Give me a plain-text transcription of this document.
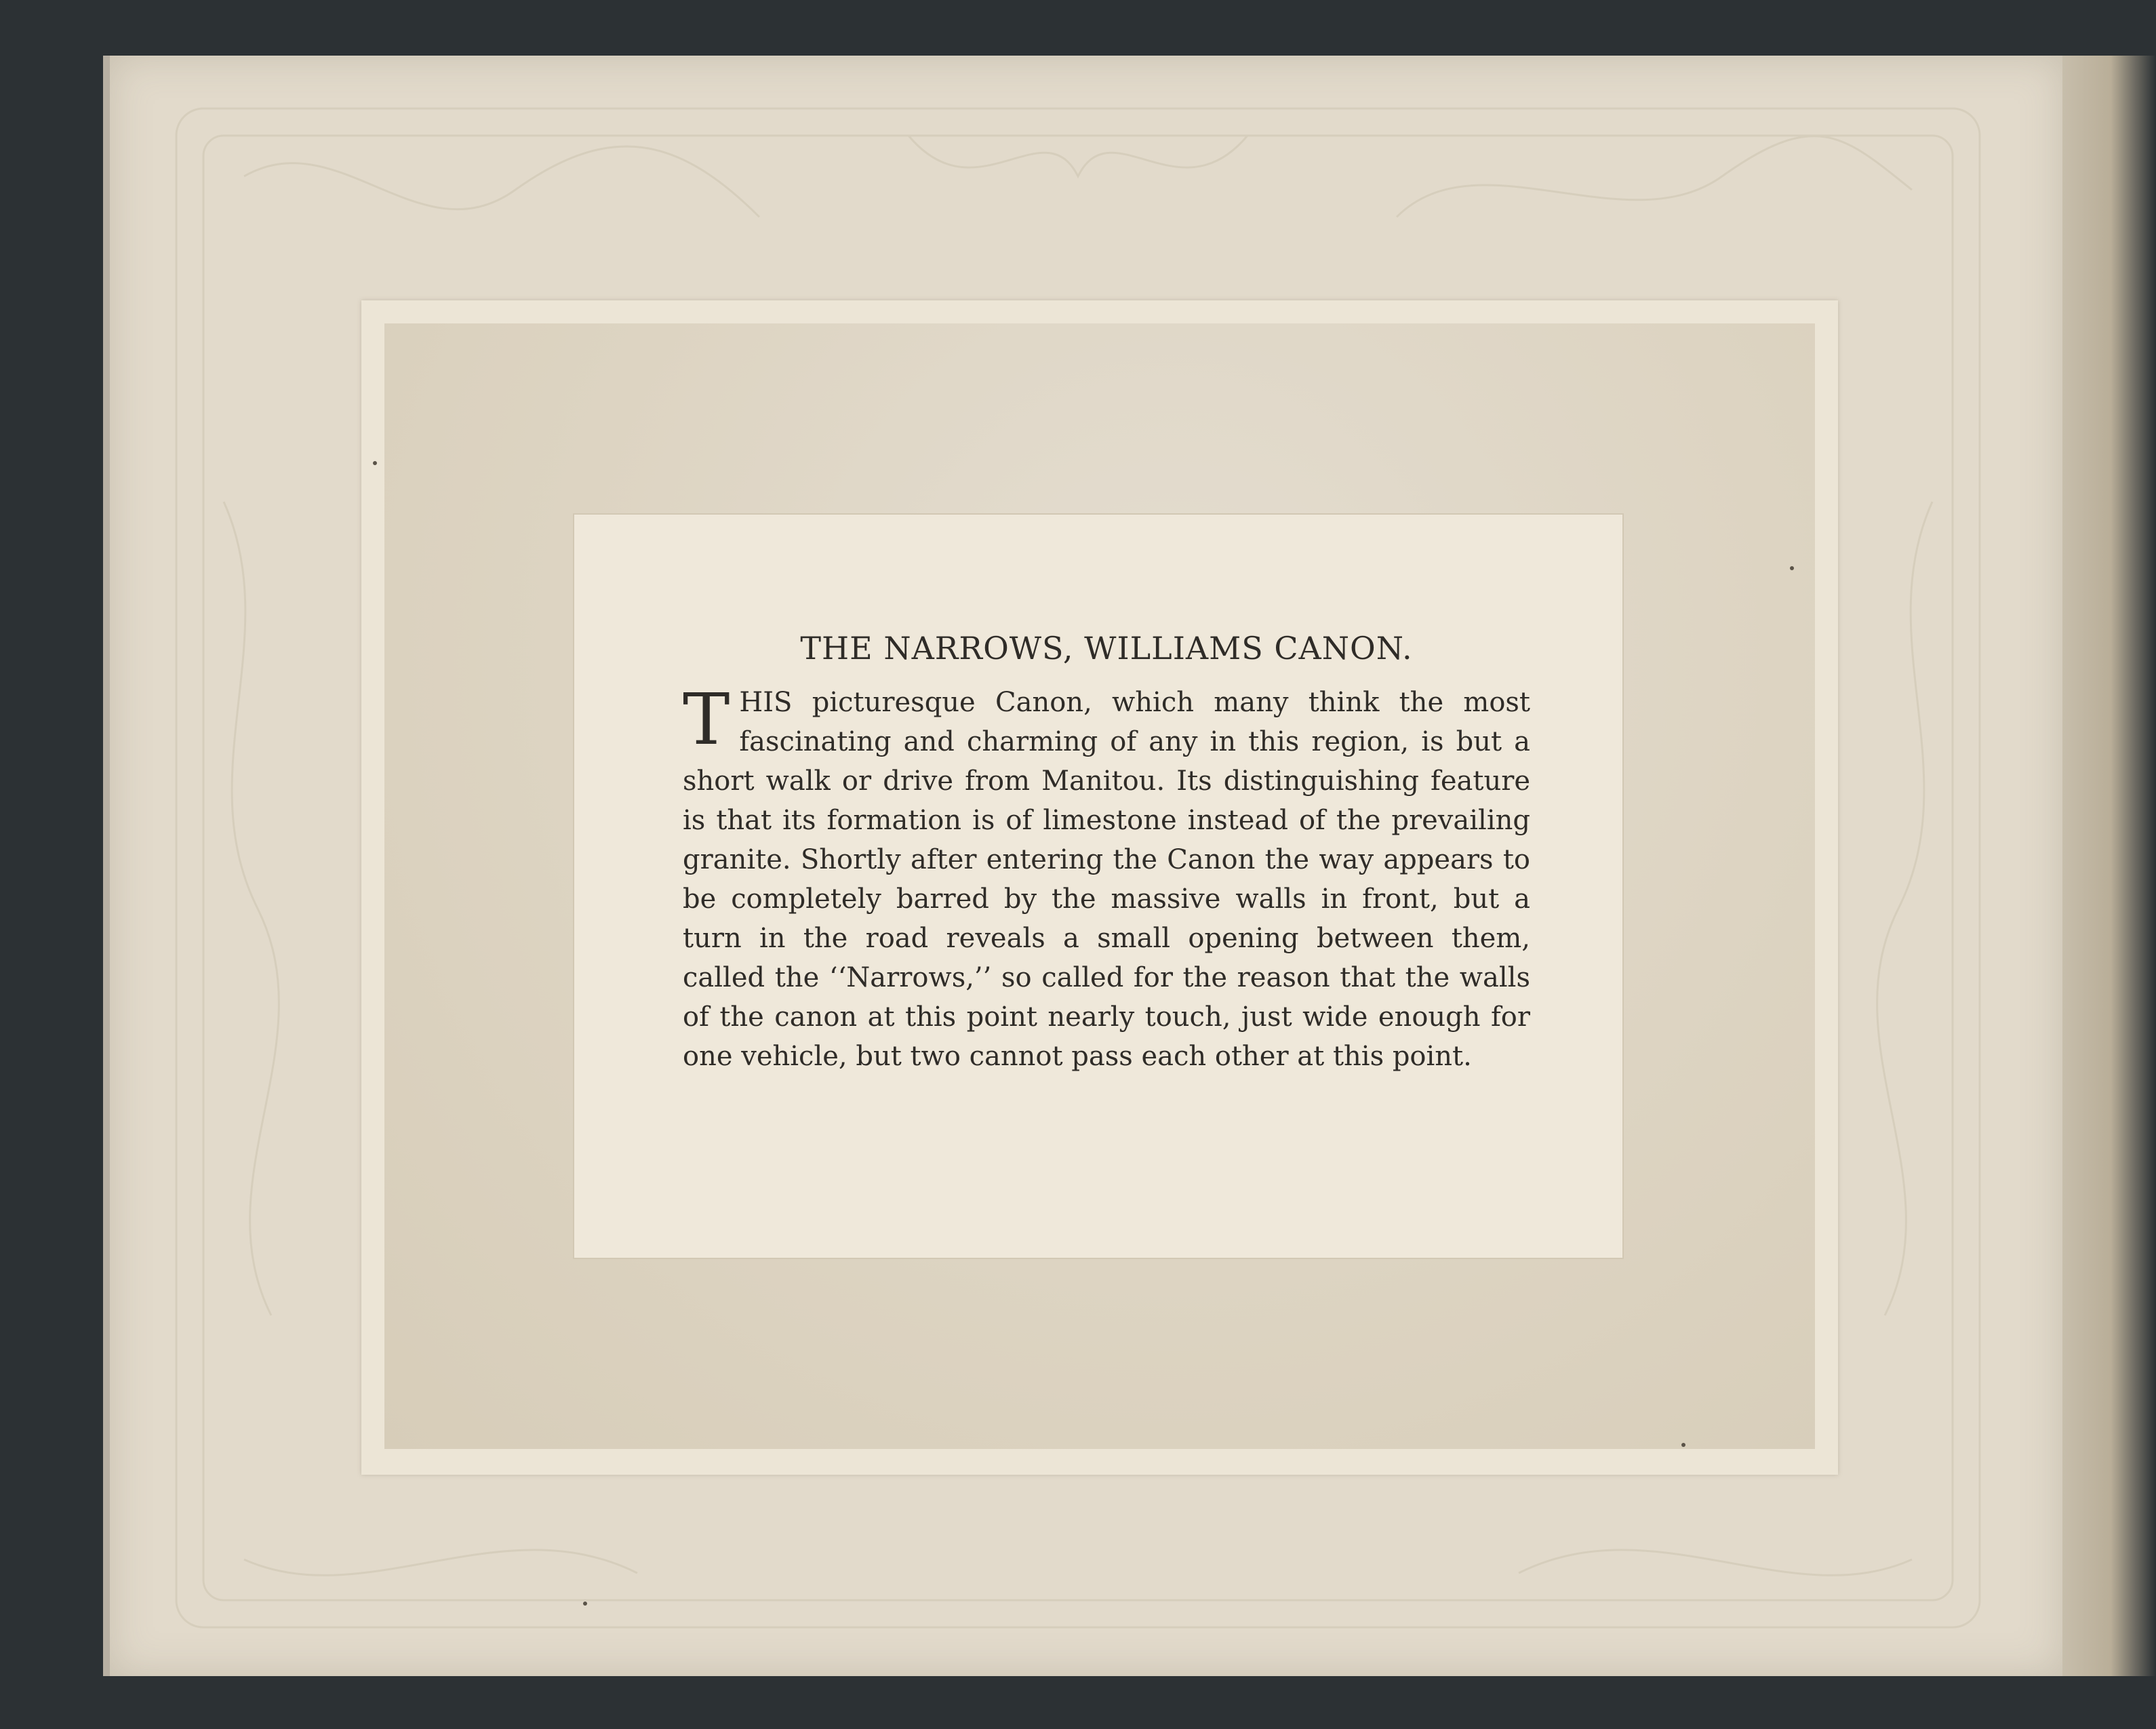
THE NARROWS, WILLIAMS CANON.

THIS picturesque Canon, which many think the most fascinating and charming of any in this region, is but a short walk or drive from Manitou. Its distinguishing feature is that its formation is of limestone instead of the prevailing granite. Shortly after entering the Canon the way appears to be completely barred by the massive walls in front, but a turn in the road reveals a small opening between them, called the ‘‘Narrows,’’ so called for the reason that the walls of the canon at this point nearly touch, just wide enough for one vehicle, but two cannot pass each other at this point.
